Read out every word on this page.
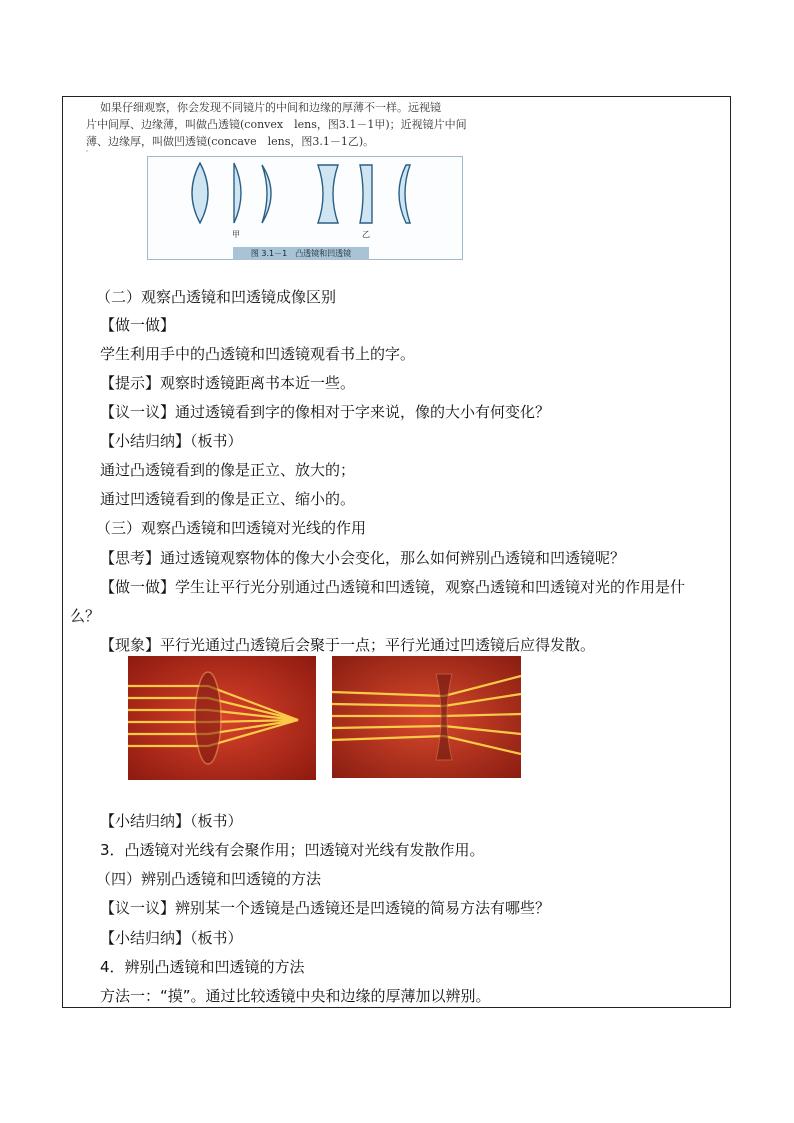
ˊ
如果仔细观察，你会发现不同镜片的中间和边缘的厚薄不一样。远视镜
片中间厚、边缘薄，叫做凸透镜(convex　lens，图3.1－1甲)；近视镜片中间
薄、边缘厚，叫做凹透镜(concave　lens，图3.1－1乙)。
甲	乙
图 3.1－1　凸透镜和凹透镜
（二）观察凸透镜和凹透镜成像区别
【做一做】
学生利用手中的凸透镜和凹透镜观看书上的字。
【提示】观察时透镜距离书本近一些。
【议一议】通过透镜看到字的像相对于字来说，像的大小有何变化？
【小结归纳】（板书）
通过凸透镜看到的像是正立、放大的；
通过凹透镜看到的像是正立、缩小的。
（三）观察凸透镜和凹透镜对光线的作用
【思考】通过透镜观察物体的像大小会变化，那么如何辨别凸透镜和凹透镜呢？
【做一做】学生让平行光分别通过凸透镜和凹透镜，观察凸透镜和凹透镜对光的作用是什
么？
【现象】平行光通过凸透镜后会聚于一点；平行光通过凹透镜后应得发散。
【小结归纳】（板书）
3．凸透镜对光线有会聚作用；凹透镜对光线有发散作用。
（四）辨别凸透镜和凹透镜的方法
【议一议】辨别某一个透镜是凸透镜还是凹透镜的简易方法有哪些？
【小结归纳】（板书）
4．辨别凸透镜和凹透镜的方法
方法一：“摸”。通过比较透镜中央和边缘的厚薄加以辨别。
